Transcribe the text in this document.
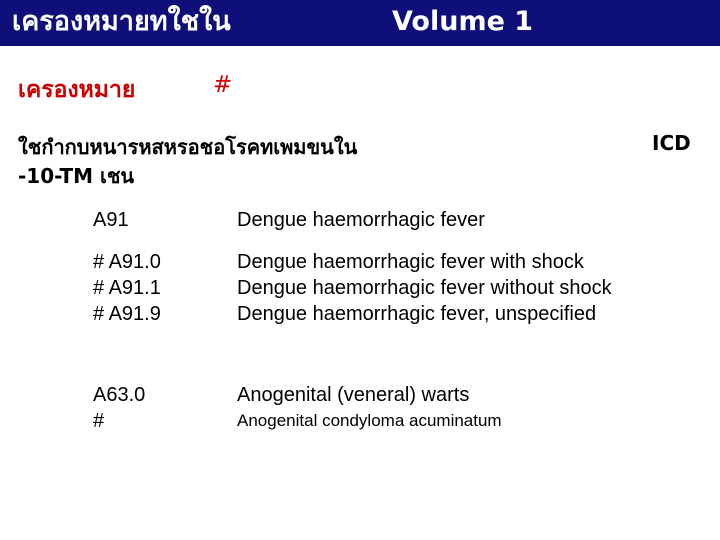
เครองหมายทใชใน	Volume 1
เครองหมาย	#
ใชกำกบหนารหสหรอชอโรคทเพมขนใน	ICD
-10-TM เชน
A91	Dengue haemorrhagic fever
# A91.0	Dengue haemorrhagic fever with shock
# A91.1	Dengue haemorrhagic fever without shock
# A91.9	Dengue haemorrhagic fever, unspecified
A63.0	Anogenital (veneral) warts
#	Anogenital condyloma acuminatum
